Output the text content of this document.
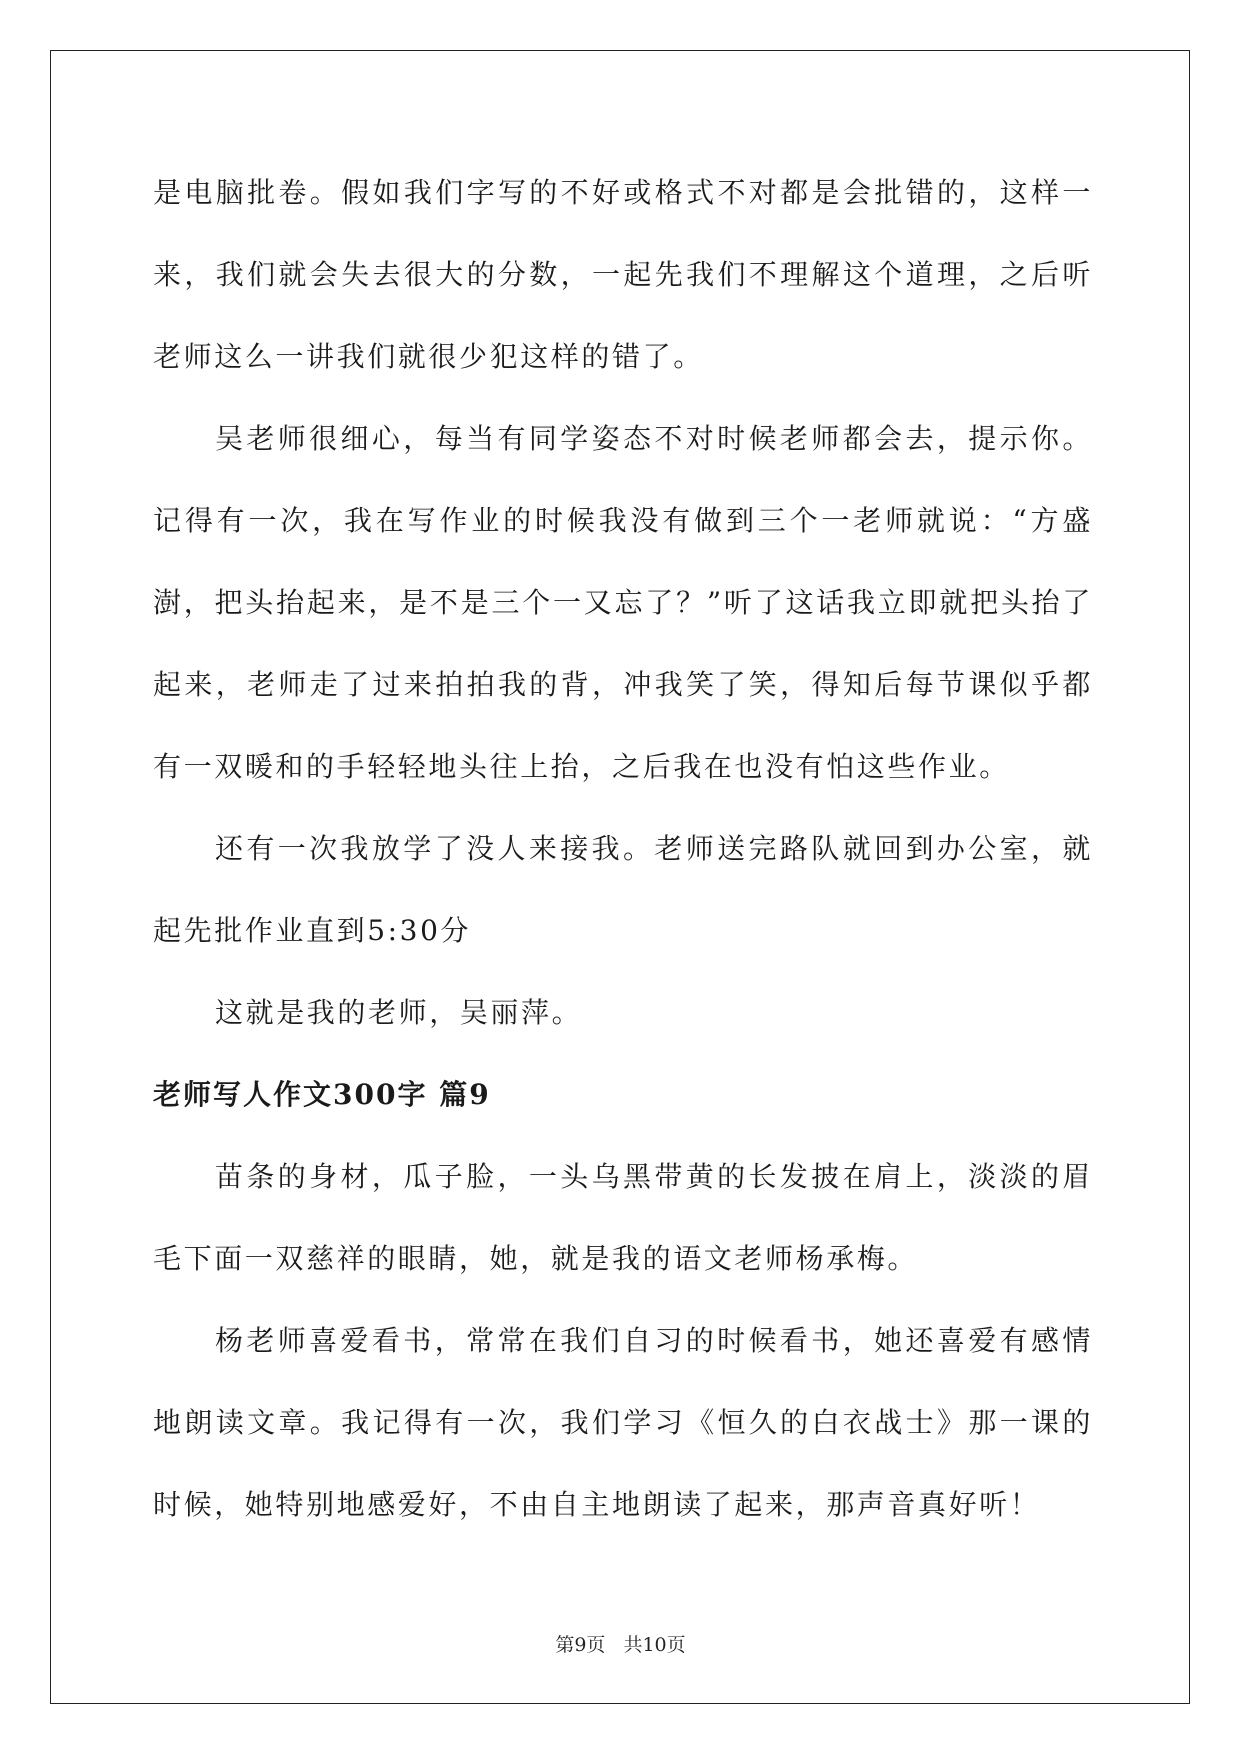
是电脑批卷。假如我们字写的不好或格式不对都是会批错的，这样一来，我们就会失去很大的分数，一起先我们不理解这个道理，之后听老师这么一讲我们就很少犯这样的错了。

吴老师很细心，每当有同学姿态不对时候老师都会去，提示你。记得有一次，我在写作业的时候我没有做到三个一老师就说：“方盛澍，把头抬起来，是不是三个一又忘了？”听了这话我立即就把头抬了起来，老师走了过来拍拍我的背，冲我笑了笑，得知后每节课似乎都有一双暖和的手轻轻地头往上抬，之后我在也没有怕这些作业。

还有一次我放学了没人来接我。老师送完路队就回到办公室，就起先批作业直到5:30分

这就是我的老师，吴丽萍。

老师写人作文300字 篇9

苗条的身材，瓜子脸，一头乌黑带黄的长发披在肩上，淡淡的眉毛下面一双慈祥的眼睛，她，就是我的语文老师杨承梅。

杨老师喜爱看书，常常在我们自习的时候看书，她还喜爱有感情地朗读文章。我记得有一次，我们学习《恒久的白衣战士》那一课的时候，她特别地感爱好，不由自主地朗读了起来，那声音真好听！

第9页 共10页
